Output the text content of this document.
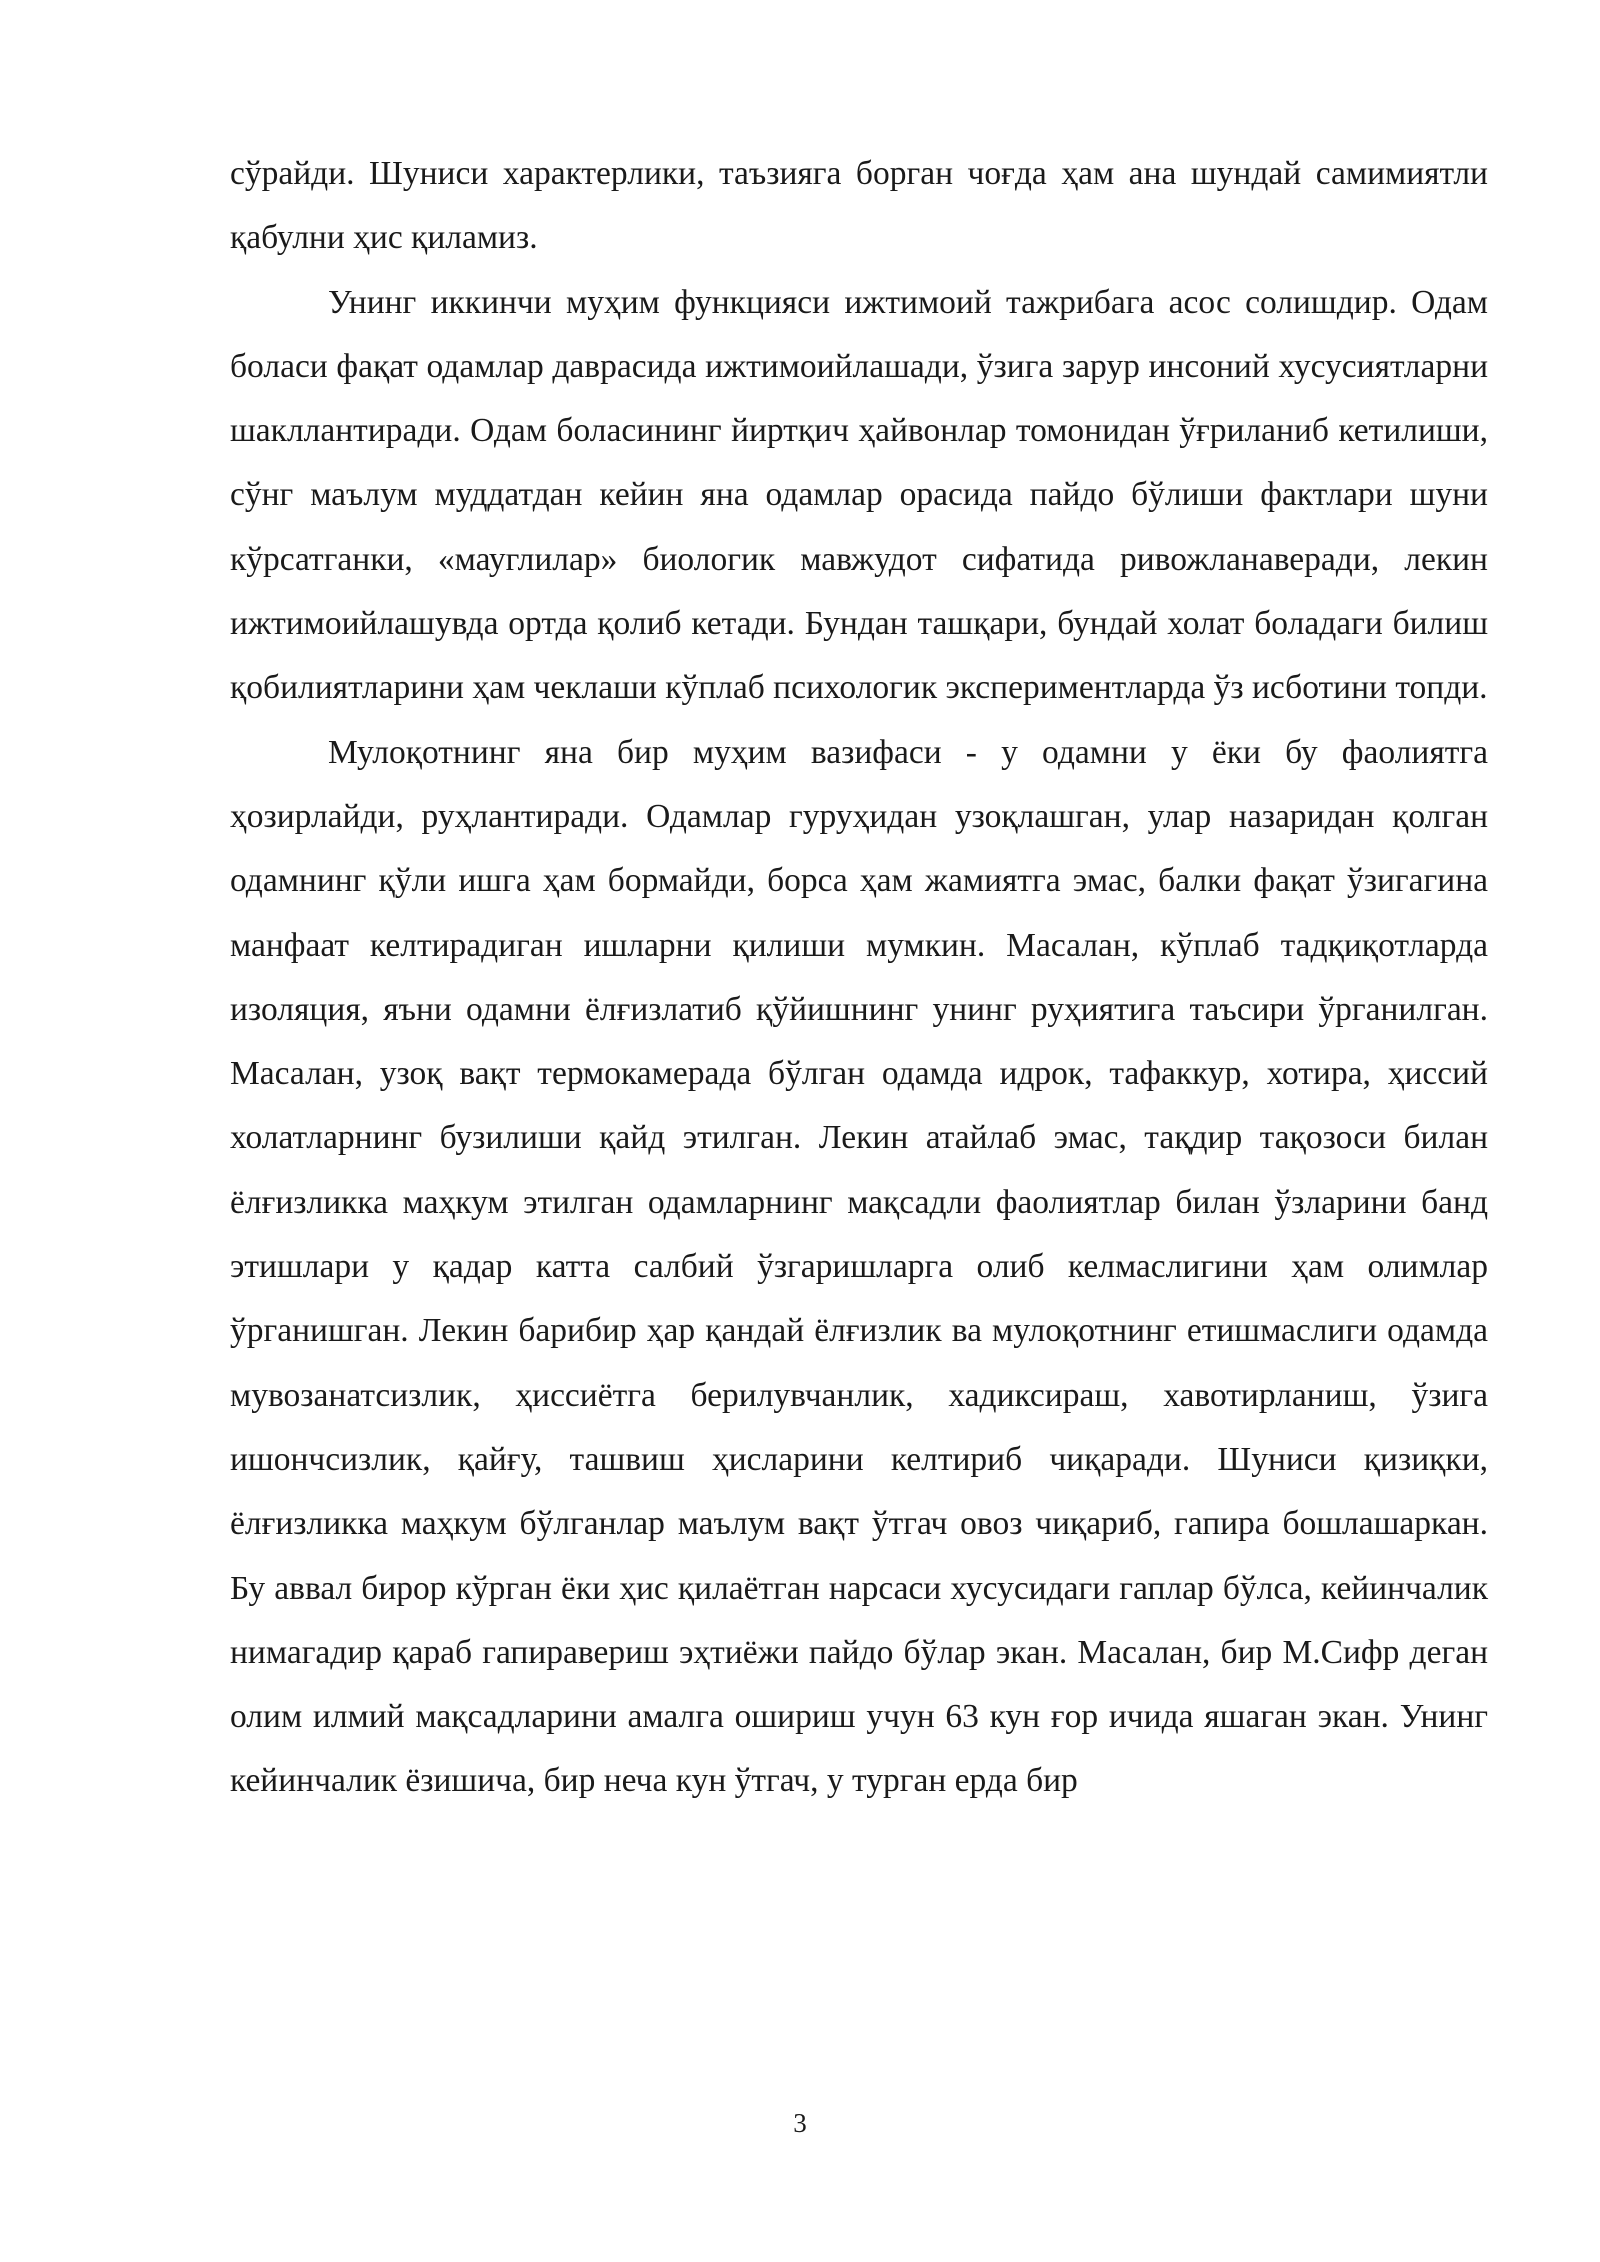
сўрайди. Шуниси характерлики, таъзияга борган чоғда ҳам ана шундай самимиятли қабулни ҳис қиламиз.

Унинг иккинчи муҳим функцияси ижтимоий тажрибага асос солишдир. Одам боласи фақат одамлар даврасида ижтимоийлашади, ўзига зарур инсоний хусусиятларни шакллантиради. Одам боласининг йиртқич ҳайвонлар томонидан ўғриланиб кетилиши, сўнг маълум муддатдан кейин яна одамлар орасида пайдо бўлиши фактлари шуни кўрсатганки, «мауглилар» биологик мавжудот сифатида ривожланаверади, лекин ижтимоийлашувда ортда қолиб кетади. Бундан ташқари, бундай холат боладаги билиш қобилиятларини ҳам чеклаши кўплаб психологик экспериментларда ўз исботини топди.

Мулоқотнинг яна бир муҳим вазифаси - у одамни у ёки бу фаолиятга ҳозирлайди, руҳлантиради. Одамлар гуруҳидан узоқлашган, улар назаридан қолган одамнинг қўли ишга ҳам бормайди, борса ҳам жамиятга эмас, балки фақат ўзигагина манфаат келтирадиган ишларни қилиши мумкин. Масалан, кўплаб тадқиқотларда изоляция, яъни одамни ёлғизлатиб қўйишнинг унинг руҳиятига таъсири ўрганилган. Масалан, узоқ вақт термокамерада бўлган одамда идрок, тафаккур, хотира, ҳиссий холатларнинг бузилиши қайд этилган. Лекин атайлаб эмас, тақдир тақозоси билан ёлғизликка маҳкум этилган одамларнинг мақсадли фаолиятлар билан ўзларини банд этишлари у қадар катта салбий ўзгаришларга олиб келмаслигини ҳам олимлар ўрганишган. Лекин барибир ҳар қандай ёлғизлик ва мулоқотнинг етишмаслиги одамда мувозанатсизлик, ҳиссиётга берилувчанлик, хадиксираш, хавотирланиш, ўзига ишончсизлик, қайғу, ташвиш ҳисларини келтириб чиқаради. Шуниси қизиқки, ёлғизликка маҳкум бўлганлар маълум вақт ўтгач овоз чиқариб, гапира бошлашаркан. Бу аввал бирор кўрган ёки ҳис қилаётган нарсаси хусусидаги гаплар бўлса, кейинчалик нимагадир қараб гапиравериш эҳтиёжи пайдо бўлар экан. Масалан, бир М.Сифр деган олим илмий мақсадларини амалга ошириш учун 63 кун ғор ичида яшаган экан. Унинг кейинчалик ёзишича, бир неча кун ўтгач, у турган ерда бир

3
